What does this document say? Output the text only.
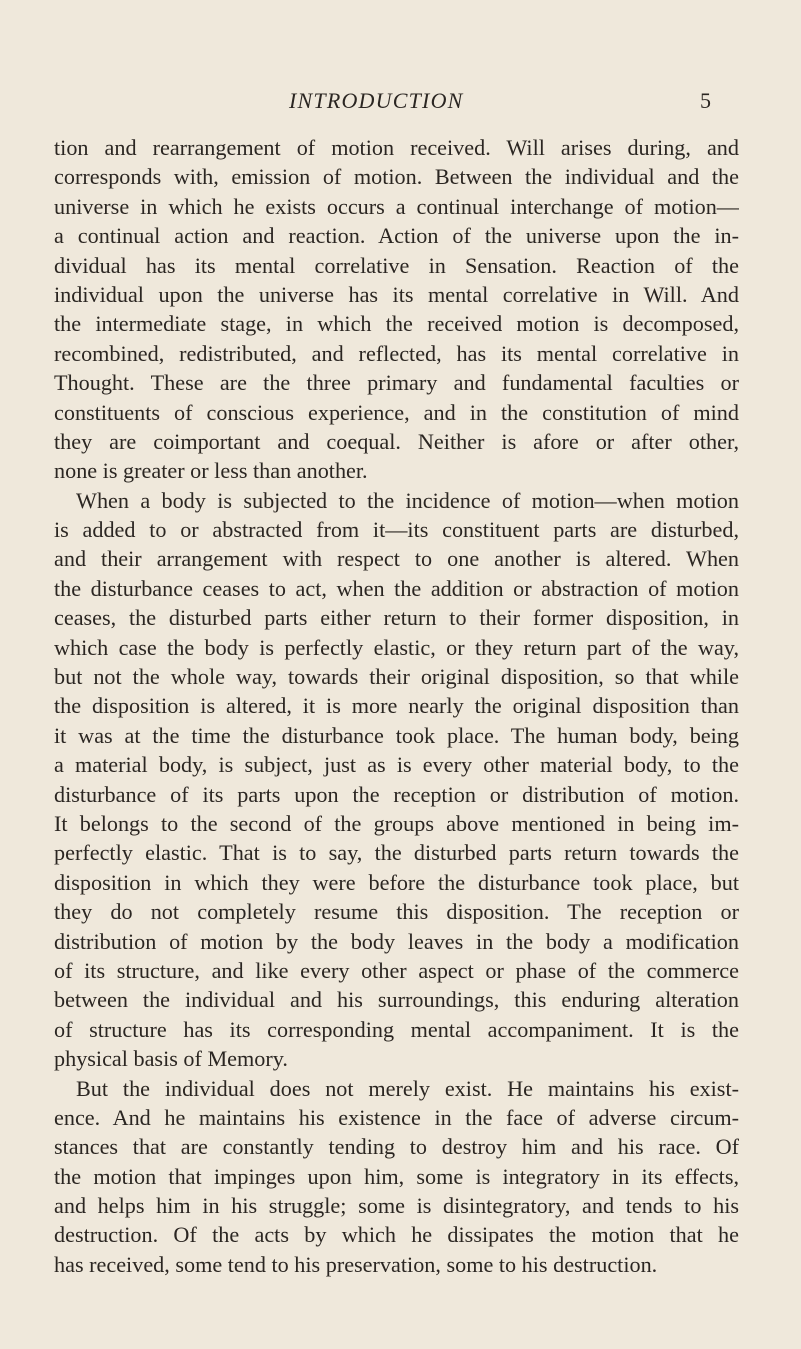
INTRODUCTION	5
tion and rearrangement of motion received. Will arises during, and
corresponds with, emission of motion. Between the individual and the
universe in which he exists occurs a continual interchange of motion—
a continual action and reaction. Action of the universe upon the in-
dividual has its mental correlative in Sensation. Reaction of the
individual upon the universe has its mental correlative in Will. And
the intermediate stage, in which the received motion is decomposed,
recombined, redistributed, and reflected, has its mental correlative in
Thought. These are the three primary and fundamental faculties or
constituents of conscious experience, and in the constitution of mind
they are coimportant and coequal. Neither is afore or after other,
none is greater or less than another.
When a body is subjected to the incidence of motion—when motion
is added to or abstracted from it—its constituent parts are disturbed,
and their arrangement with respect to one another is altered. When
the disturbance ceases to act, when the addition or abstraction of motion
ceases, the disturbed parts either return to their former disposition, in
which case the body is perfectly elastic, or they return part of the way,
but not the whole way, towards their original disposition, so that while
the disposition is altered, it is more nearly the original disposition than
it was at the time the disturbance took place. The human body, being
a material body, is subject, just as is every other material body, to the
disturbance of its parts upon the reception or distribution of motion.
It belongs to the second of the groups above mentioned in being im-
perfectly elastic. That is to say, the disturbed parts return towards the
disposition in which they were before the disturbance took place, but
they do not completely resume this disposition. The reception or
distribution of motion by the body leaves in the body a modification
of its structure, and like every other aspect or phase of the commerce
between the individual and his surroundings, this enduring alteration
of structure has its corresponding mental accompaniment. It is the
physical basis of Memory.
But the individual does not merely exist. He maintains his exist-
ence. And he maintains his existence in the face of adverse circum-
stances that are constantly tending to destroy him and his race. Of
the motion that impinges upon him, some is integratory in its effects,
and helps him in his struggle; some is disintegratory, and tends to his
destruction. Of the acts by which he dissipates the motion that he
has received, some tend to his preservation, some to his destruction.
